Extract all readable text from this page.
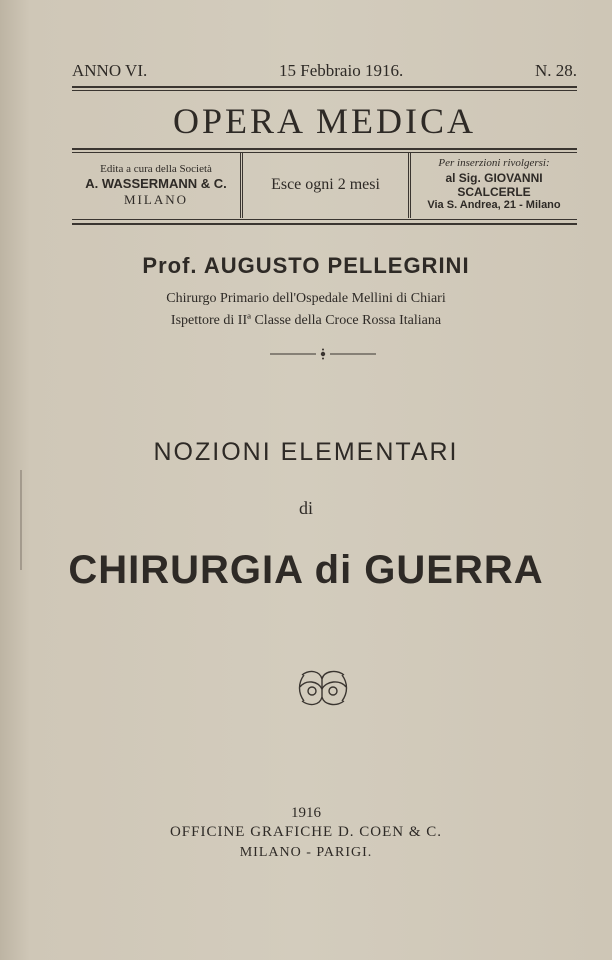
ANNO VI.	15 Febbraio 1916.	N. 28.
OPERA MEDICA
Edita a cura della Società
A. WASSERMANN & C.
MILANO
Esce ogni 2 mesi
Per inserzioni rivolgersi:
al Sig. GIOVANNI SCALCERLE
Via S. Andrea, 21 - Milano
Prof. AUGUSTO PELLEGRINI
Chirurgo Primario dell'Ospedale Mellini di Chiari
Ispettore di IIª Classe della Croce Rossa Italiana
NOZIONI ELEMENTARI
di
CHIRURGIA di GUERRA
1916
OFFICINE GRAFICHE D. COEN & C.
MILANO - PARIGI.
